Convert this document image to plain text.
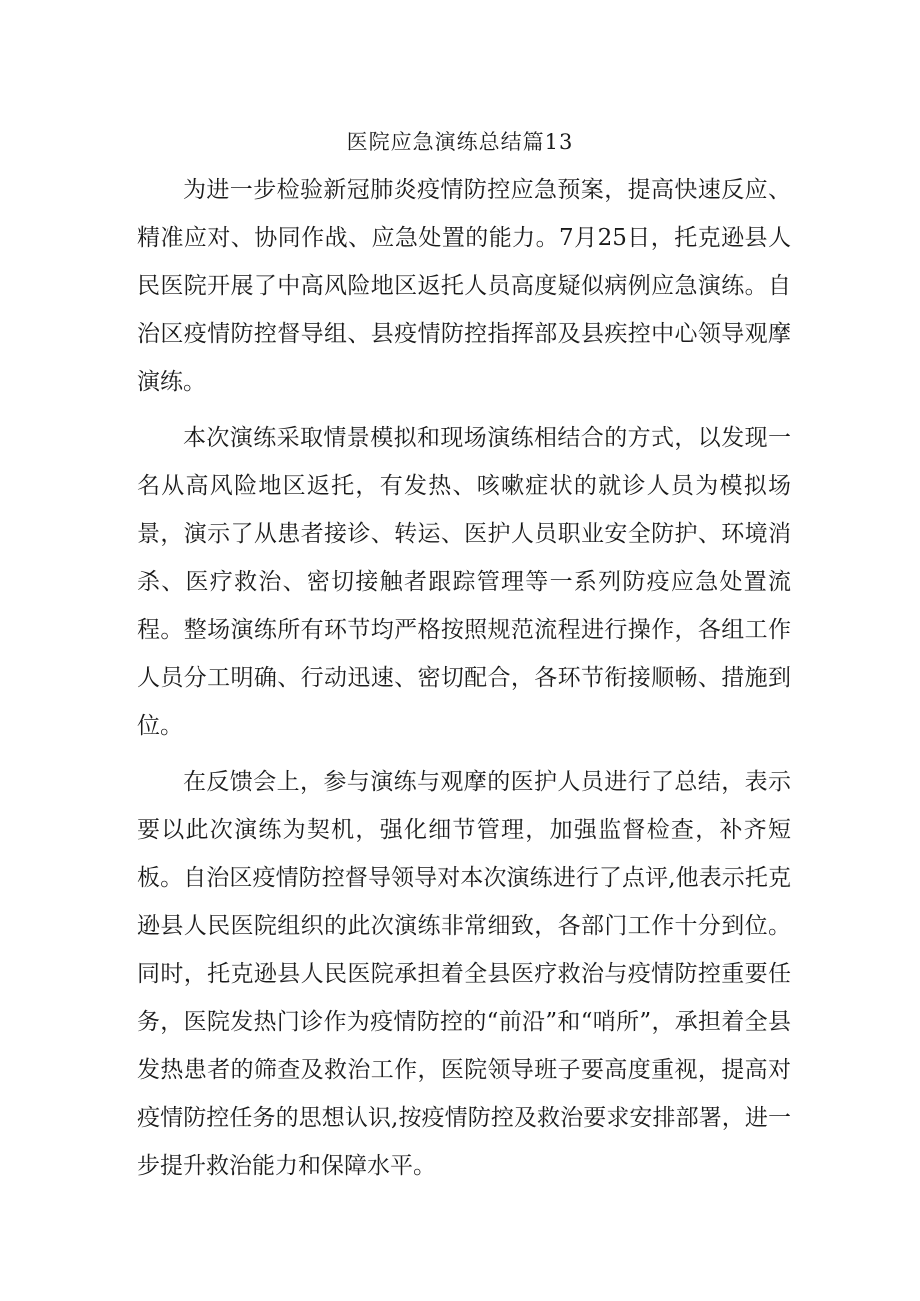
医院应急演练总结篇13

为进一步检验新冠肺炎疫情防控应急预案，提高快速反应、精准应对、协同作战、应急处置的能力。7月25日，托克逊县人民医院开展了中高风险地区返托人员高度疑似病例应急演练。自治区疫情防控督导组、县疫情防控指挥部及县疾控中心领导观摩演练。

本次演练采取情景模拟和现场演练相结合的方式，以发现一名从高风险地区返托，有发热、咳嗽症状的就诊人员为模拟场景，演示了从患者接诊、转运、医护人员职业安全防护、环境消杀、医疗救治、密切接触者跟踪管理等一系列防疫应急处置流程。整场演练所有环节均严格按照规范流程进行操作，各组工作人员分工明确、行动迅速、密切配合，各环节衔接顺畅、措施到位。

在反馈会上，参与演练与观摩的医护人员进行了总结，表示要以此次演练为契机，强化细节管理，加强监督检查，补齐短板。自治区疫情防控督导领导对本次演练进行了点评,他表示托克逊县人民医院组织的此次演练非常细致，各部门工作十分到位。同时，托克逊县人民医院承担着全县医疗救治与疫情防控重要任务，医院发热门诊作为疫情防控的“前沿”和“哨所”，承担着全县发热患者的筛查及救治工作，医院领导班子要高度重视，提高对疫情防控任务的思想认识,按疫情防控及救治要求安排部署，进一步提升救治能力和保障水平。
